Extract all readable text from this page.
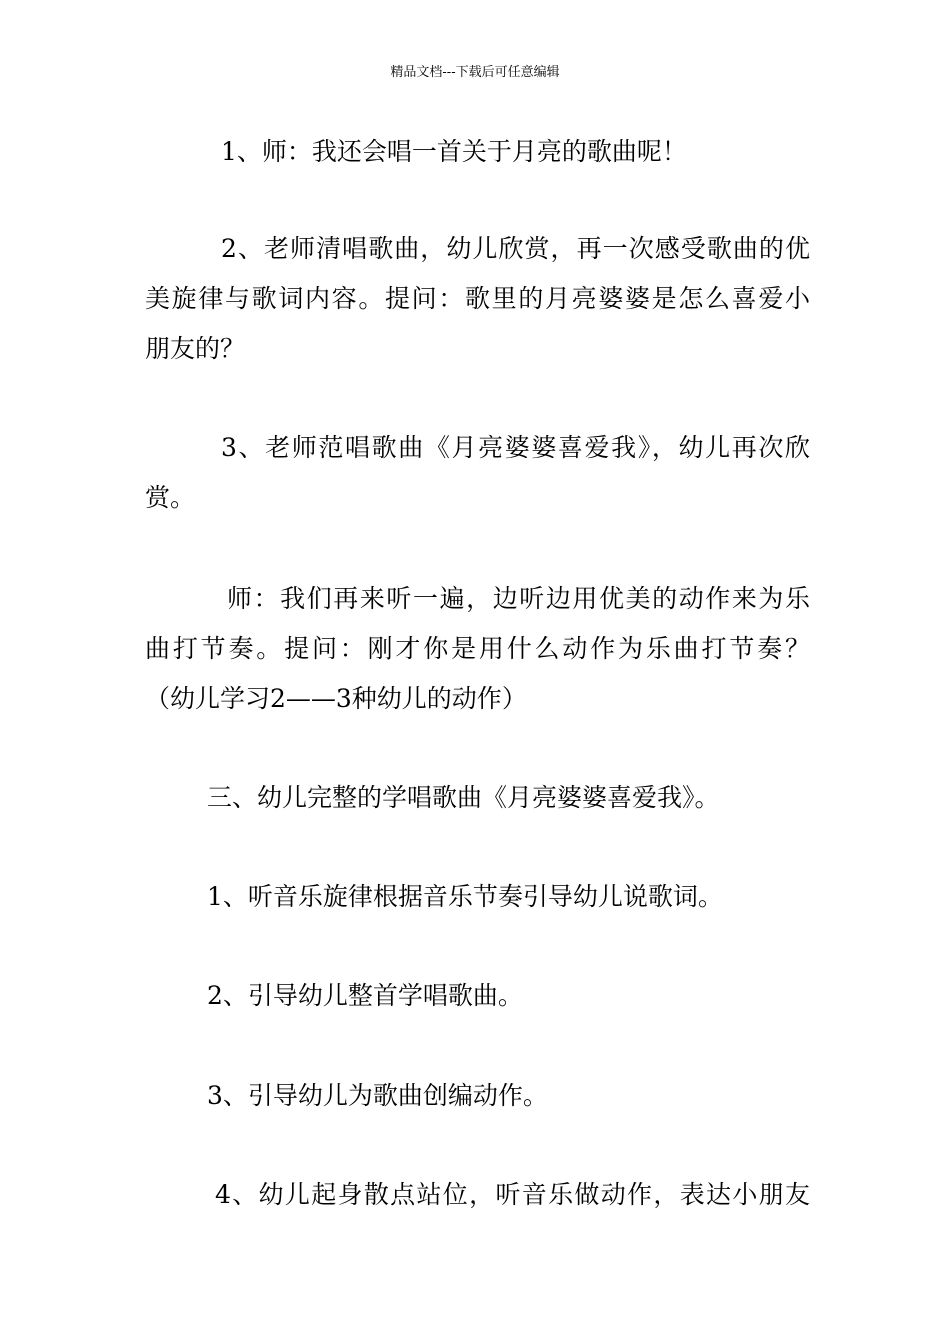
精品文档---下载后可任意编辑
1、师：我还会唱一首关于月亮的歌曲呢！
2、老师清唱歌曲，幼儿欣赏，再一次感受歌曲的优
美旋律与歌词内容。提问：歌里的月亮婆婆是怎么喜爱小
朋友的？
3、老师范唱歌曲《月亮婆婆喜爱我》，幼儿再次欣
赏。
师：我们再来听一遍，边听边用优美的动作来为乐
曲打节奏。提问：刚才你是用什么动作为乐曲打节奏？
（幼儿学习2——3种幼儿的动作）
三、幼儿完整的学唱歌曲《月亮婆婆喜爱我》。
1、听音乐旋律根据音乐节奏引导幼儿说歌词。
2、引导幼儿整首学唱歌曲。
3、引导幼儿为歌曲创编动作。
4、幼儿起身散点站位，听音乐做动作，表达小朋友
